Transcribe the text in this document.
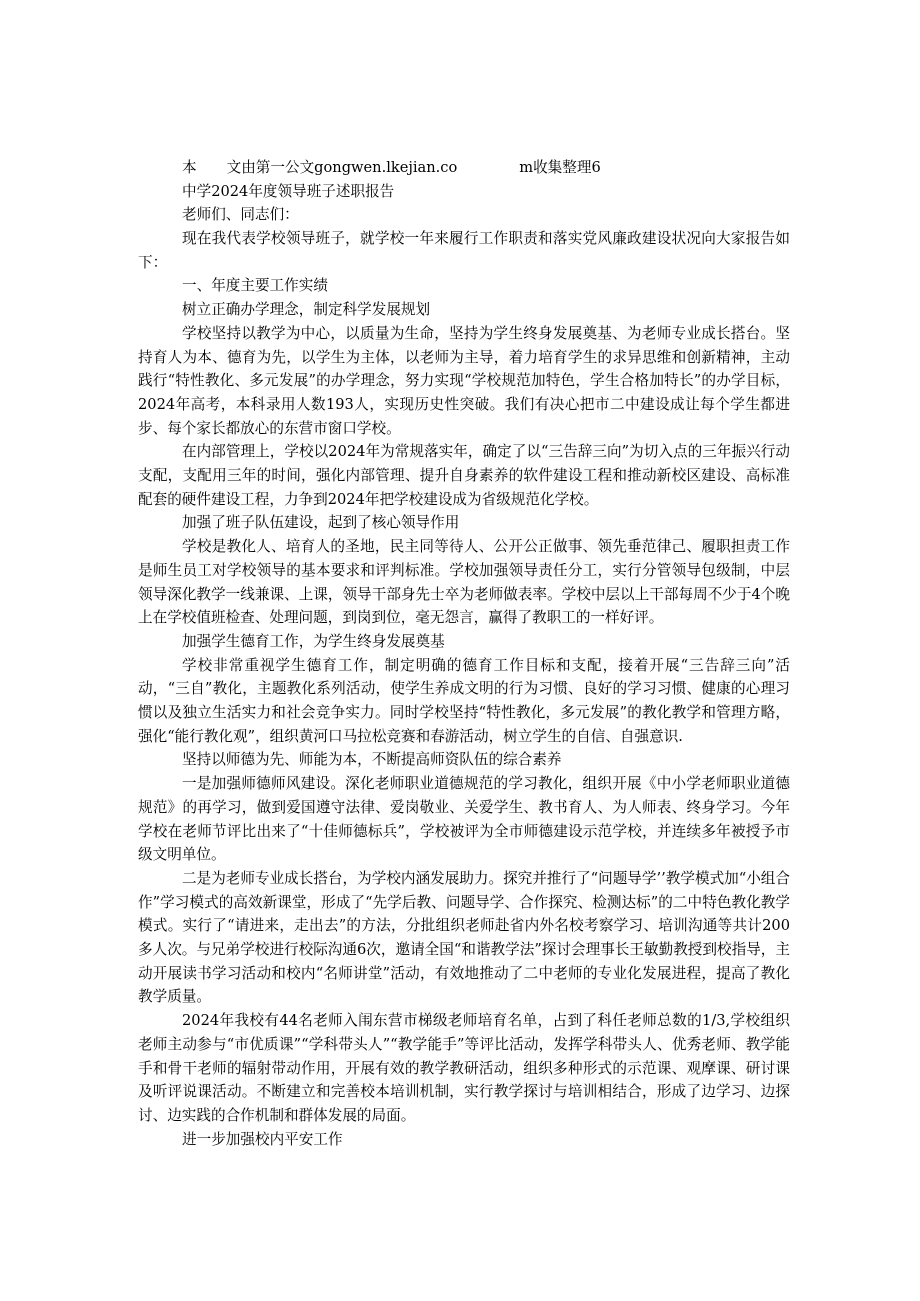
本 文由第一公文gongwen.lkejian.co	m收集整理6
中学2024年度领导班子述职报告
老师们、同志们：

现在我代表学校领导班子，就学校一年来履行工作职责和落实党风廉政建设状况向大家报告如下：

一、年度主要工作实绩
树立正确办学理念，制定科学发展规划

学校坚持以教学为中心，以质量为生命，坚持为学生终身发展奠基、为老师专业成长搭台。坚持育人为本、德育为先，以学生为主体，以老师为主导，着力培育学生的求异思维和创新精神，主动践行“特性教化、多元发展”的办学理念，努力实现“学校规范加特色，学生合格加特长”的办学目标，2024年高考，本科录用人数193人，实现历史性突破。我们有决心把市二中建设成让每个学生都进步、每个家长都放心的东营市窗口学校。

在内部管理上，学校以2024年为常规落实年，确定了以“三告辞三向”为切入点的三年振兴行动支配，支配用三年的时间，强化内部管理、提升自身素养的软件建设工程和推动新校区建设、高标准配套的硬件建设工程，力争到2024年把学校建设成为省级规范化学校。

加强了班子队伍建设，起到了核心领导作用

学校是教化人、培育人的圣地，民主同等待人、公开公正做事、领先垂范律己、履职担责工作是师生员工对学校领导的基本要求和评判标准。学校加强领导责任分工，实行分管领导包级制，中层领导深化教学一线兼课、上课，领导干部身先士卒为老师做表率。学校中层以上干部每周不少于4个晚上在学校值班检查、处理问题，到岗到位，毫无怨言，赢得了教职工的一样好评。

加强学生德育工作，为学生终身发展奠基

学校非常重视学生德育工作，制定明确的德育工作目标和支配，接着开展“三告辞三向”活动，“三自”教化，主题教化系列活动，使学生养成文明的行为习惯、良好的学习习惯、健康的心理习惯以及独立生活实力和社会竞争实力。同时学校坚持“特性教化，多元发展”的教化教学和管理方略，强化“能行教化观”，组织黄河口马拉松竞赛和春游活动，树立学生的自信、自强意识.

坚持以师德为先、师能为本，不断提高师资队伍的综合素养

一是加强师德师风建设。深化老师职业道德规范的学习教化，组织开展《中小学老师职业道德规范》的再学习，做到爱国遵守法律、爱岗敬业、关爱学生、教书育人、为人师表、终身学习。今年学校在老师节评比出来了“十佳师德标兵”，学校被评为全市师德建设示范学校，并连续多年被授予市级文明单位。

二是为老师专业成长搭台，为学校内涵发展助力。探究并推行了“问题导学’’教学模式加“小组合作”学习模式的高效新课堂，形成了“先学后教、问题导学、合作探究、检测达标”的二中特色教化教学模式。实行了“请进来，走出去”的方法，分批组织老师赴省内外名校考察学习、培训沟通等共计200多人次。与兄弟学校进行校际沟通6次，邀请全国“和谐教学法”探讨会理事长王敏勤教授到校指导，主动开展读书学习活动和校内“名师讲堂”活动，有效地推动了二中老师的专业化发展进程，提高了教化教学质量。

2024年我校有44名老师入闱东营市梯级老师培育名单，占到了科任老师总数的1/3,学校组织老师主动参与“市优质课”“学科带头人”“教学能手”等评比活动，发挥学科带头人、优秀老师、教学能手和骨干老师的辐射带动作用，开展有效的教学教研活动，组织多种形式的示范课、观摩课、研讨课及听评说课活动。不断建立和完善校本培训机制，实行教学探讨与培训相结合，形成了边学习、边探讨、边实践的合作机制和群体发展的局面。

进一步加强校内平安工作
